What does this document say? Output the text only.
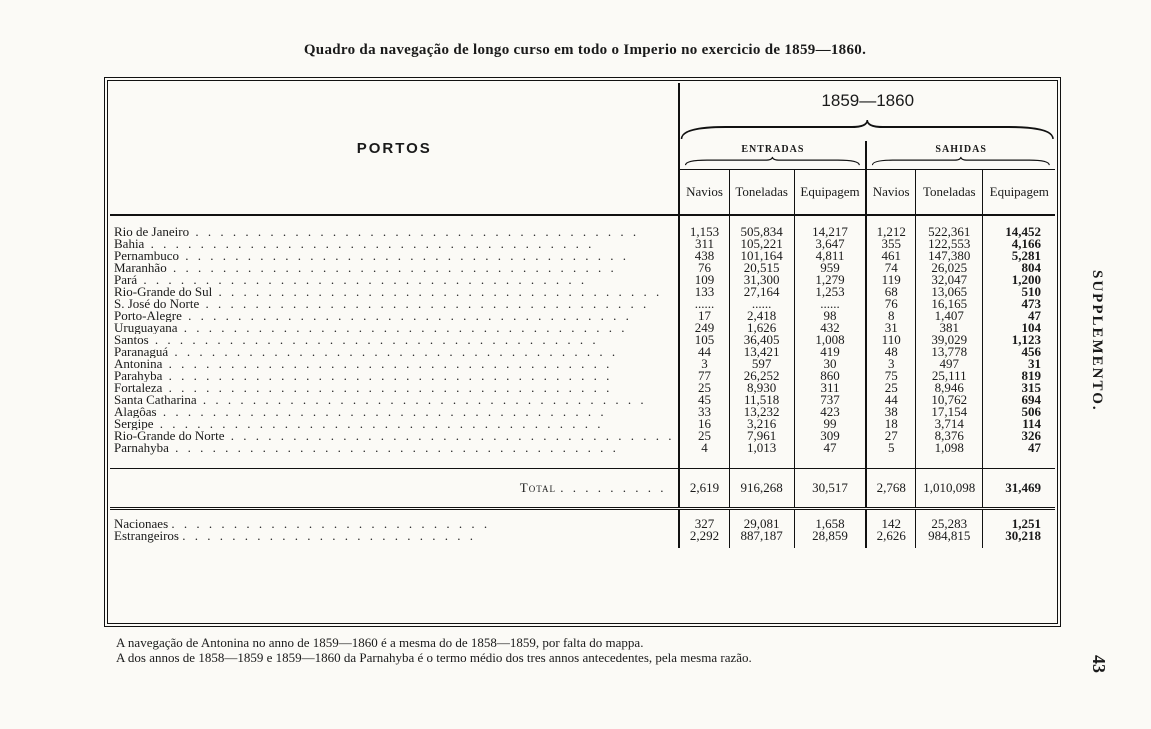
Quadro da navegação de longo curso em todo o Imperio no exercicio de 1859—1860.
PORTOS	1859—1860					

	ENTRADAS			SAHIDAS		

	Navios	Toneladas	Equipagem	Navios	Toneladas	Equipagem
Rio de Janeiro . . . . . . . . . . . . . . . . . . . . . . . . . . . . . . . . . . . .	1,153	505,834	14,217	1,212	522,361	14,452
Bahia . . . . . . . . . . . . . . . . . . . . . . . . . . . . . . . . . . . .	311	105,221	3,647	355	122,553	4,166
Pernambuco . . . . . . . . . . . . . . . . . . . . . . . . . . . . . . . . . . . .	438	101,164	4,811	461	147,380	5,281
Maranhão . . . . . . . . . . . . . . . . . . . . . . . . . . . . . . . . . . . .	76	20,515	959	74	26,025	804
Pará . . . . . . . . . . . . . . . . . . . . . . . . . . . . . . . . . . . .	109	31,300	1,279	119	32,047	1,200
Rio-Grande do Sul . . . . . . . . . . . . . . . . . . . . . . . . . . . . . . . . . . . .	133	27,164	1,253	68	13,065	510
S. José do Norte . . . . . . . . . . . . . . . . . . . . . . . . . . . . . . . . . . . .	......	......	......	76	16,165	473
Porto-Alegre . . . . . . . . . . . . . . . . . . . . . . . . . . . . . . . . . . . .	17	2,418	98	8	1,407	47
Uruguayana . . . . . . . . . . . . . . . . . . . . . . . . . . . . . . . . . . . .	249	1,626	432	31	381	104
Santos . . . . . . . . . . . . . . . . . . . . . . . . . . . . . . . . . . . .	105	36,405	1,008	110	39,029	1,123
Paranaguá . . . . . . . . . . . . . . . . . . . . . . . . . . . . . . . . . . . .	44	13,421	419	48	13,778	456
Antonina . . . . . . . . . . . . . . . . . . . . . . . . . . . . . . . . . . . .	3	597	30	3	497	31
Parahyba . . . . . . . . . . . . . . . . . . . . . . . . . . . . . . . . . . . .	77	26,252	860	75	25,111	819
Fortaleza . . . . . . . . . . . . . . . . . . . . . . . . . . . . . . . . . . . .	25	8,930	311	25	8,946	315
Santa Catharina . . . . . . . . . . . . . . . . . . . . . . . . . . . . . . . . . . . .	45	11,518	737	44	10,762	694
Alagôas . . . . . . . . . . . . . . . . . . . . . . . . . . . . . . . . . . . .	33	13,232	423	38	17,154	506
Sergipe . . . . . . . . . . . . . . . . . . . . . . . . . . . . . . . . . . . .	16	3,216	99	18	3,714	114
Rio-Grande do Norte . . . . . . . . . . . . . . . . . . . . . . . . . . . . . . . . . . . .	25	7,961	309	27	8,376	326
Parnahyba . . . . . . . . . . . . . . . . . . . . . . . . . . . . . . . . . . . .	4	1,013	47	5	1,098	47
Total . . . . . . . . .	2,619	916,268	30,517	2,768	1,010,098	31,469
Nacionaes . . . . . . . . . . . . . . . . . . . . . . . . . .	327	29,081	1,658	142	25,283	1,251
Estrangeiros . . . . . . . . . . . . . . . . . . . . . . . .	2,292	887,187	28,859	2,626	984,815	30,218
A navegação de Antonina no anno de 1859—1860 é a mesma do de 1858—1859, por falta do mappa.
A dos annos de 1858—1859 e 1859—1860 da Parnahyba é o termo médio dos tres annos antecedentes, pela mesma razão.
SUPPLEMENTO.
43
